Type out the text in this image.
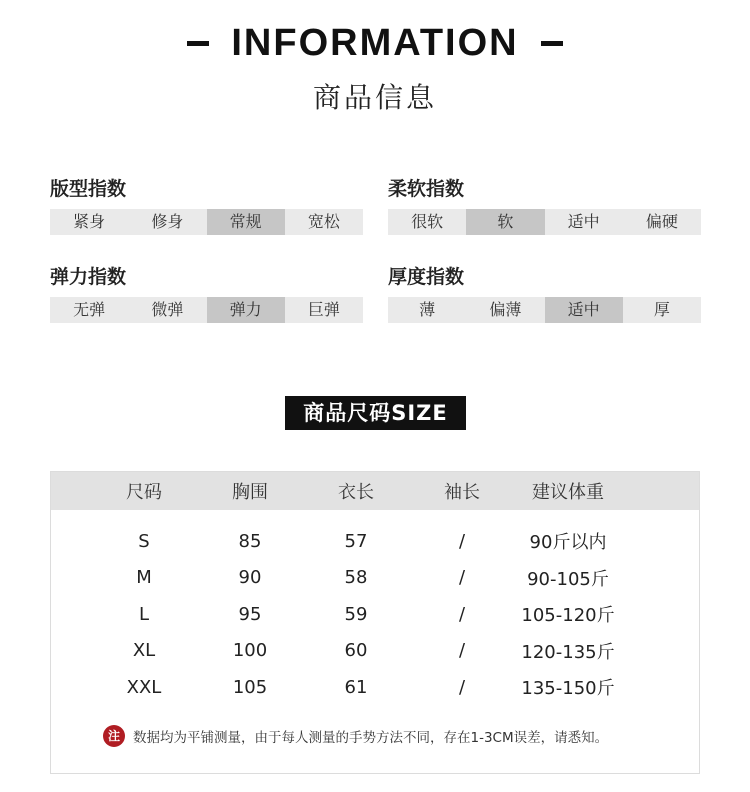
INFORMATION
商品信息
版型指数
紧身	修身	常规	宽松
柔软指数
很软	软	适中	偏硬
弹力指数
无弹	微弹	弹力	巨弹
厚度指数
薄	偏薄	适中	厚
商品尺码SIZE
尺码	胸围	衣长	袖长	建议体重
S	85	57	/	90斤以内
M	90	58	/	90-105斤
L	95	59	/	105-120斤
XL	100	60	/	120-135斤
XXL	105	61	/	135-150斤
注 数据均为平铺测量，由于每人测量的手势方法不同，存在1-3CM误差，请悉知。
